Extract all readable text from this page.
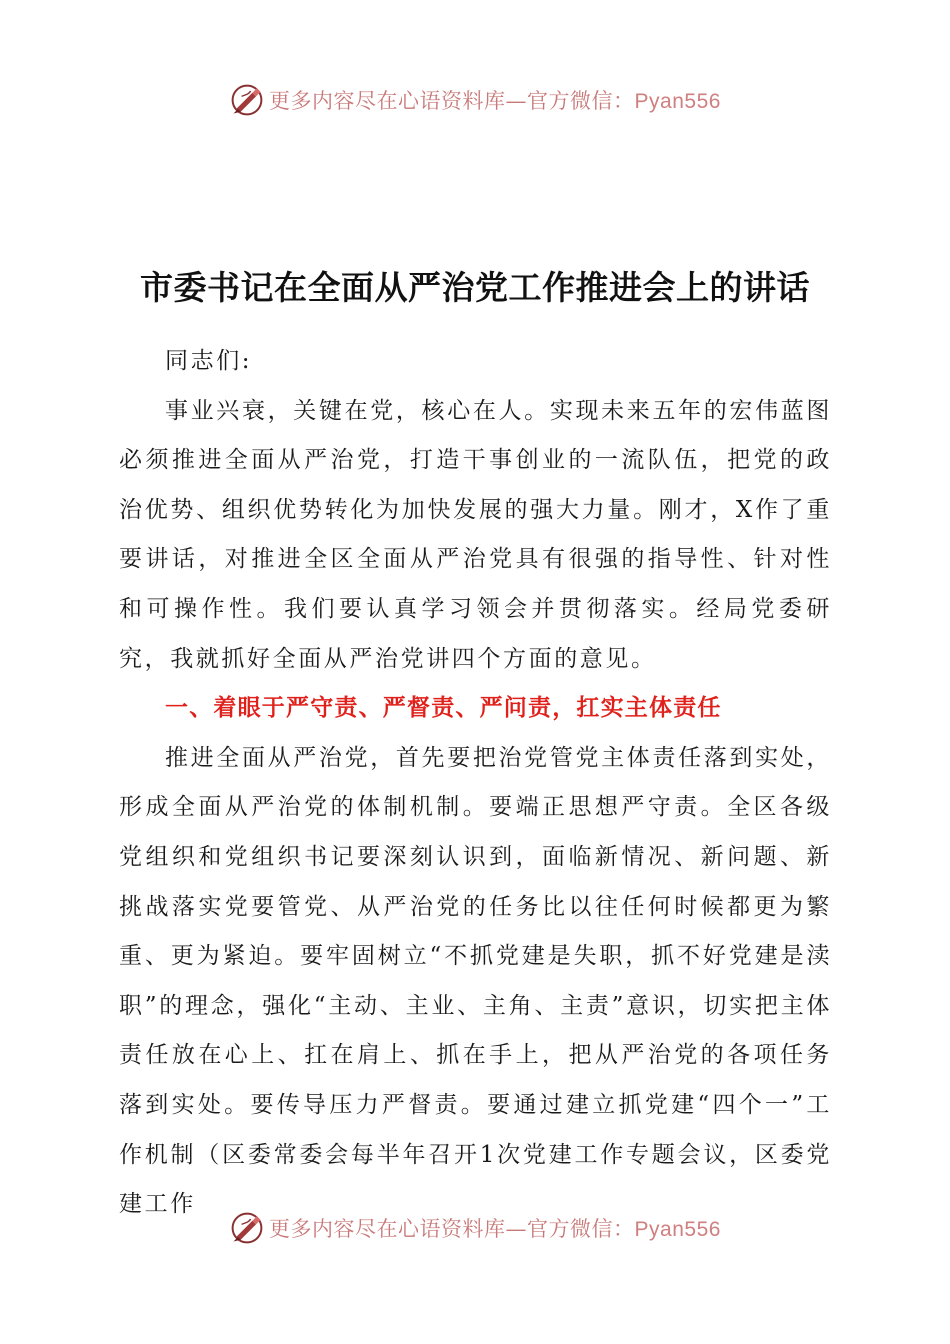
更多内容尽在心语资料库—官方微信：Pyan556
市委书记在全面从严治党工作推进会上的讲话

同志们:

事业兴衰，关键在党，核心在人。实现未来五年的宏伟蓝图必须推进全面从严治党，打造干事创业的一流队伍，把党的政治优势、组织优势转化为加快发展的强大力量。刚才，X作了重要讲话，对推进全区全面从严治党具有很强的指导性、针对性和可操作性。我们要认真学习领会并贯彻落实。经局党委研究，我就抓好全面从严治党讲四个方面的意见。

一、着眼于严守责、严督责、严问责，扛实主体责任

推进全面从严治党，首先要把治党管党主体责任落到实处，形成全面从严治党的体制机制。要端正思想严守责。全区各级党组织和党组织书记要深刻认识到，面临新情况、新问题、新挑战落实党要管党、从严治党的任务比以往任何时候都更为繁重、更为紧迫。要牢固树立“不抓党建是失职，抓不好党建是渎职”的理念，强化“主动、主业、主角、主责”意识，切实把主体责任放在心上、扛在肩上、抓在手上，把从严治党的各项任务落到实处。要传导压力严督责。要通过建立抓党建“四个一”工作机制（区委常委会每半年召开1次党建工作专题会议，区委党建工作

更多内容尽在心语资料库—官方微信：Pyan556
